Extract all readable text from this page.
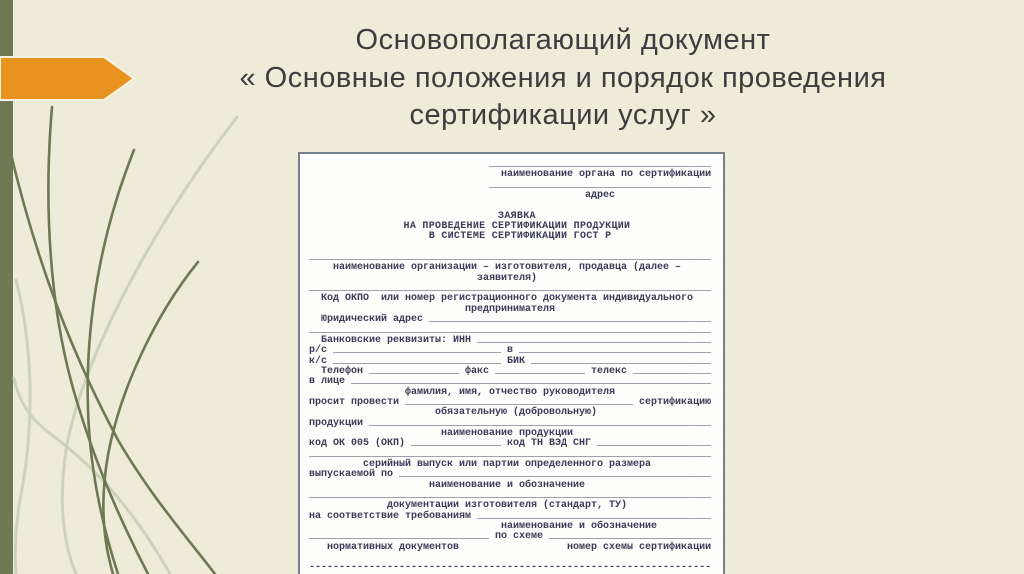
Основополагающий документ
« Основные положения и порядок проведения
сертификации услуг »
_____________________________________
наименование органа по сертификации
_____________________________________
адрес
ЗАЯВКА
НА ПРОВЕДЕНИЕ СЕРТИФИКАЦИИ ПРОДУКЦИИ
В СИСТЕМЕ СЕРТИФИКАЦИИ ГОСТ Р
___________________________________________________________________
наименование организации – изготовителя, продавца (далее –
заявителя)
___________________________________________________________________
Код ОКПО  или номер регистрационного документа индивидуального
предпринимателя
Юридический адрес _______________________________________________
___________________________________________________________________
Банковские реквизиты: ИНН _______________________________________
р/с ____________________________ в ________________________________
к/с ____________________________ БИК ______________________________
Телефон _______________ факс _______________ телекс _____________
в лице ____________________________________________________________
фамилия, имя, отчество руководителя
просит провести ______________________________________ сертификацию
обязательную (добровольную)
продукции _________________________________________________________
наименование продукции
код ОК 005 (ОКП) _______________ код ТН ВЭД СНГ ___________________
___________________________________________________________________
серийный выпуск или партии определенного размера
выпускаемой по ____________________________________________________
наименование и обозначение
___________________________________________________________________
документации изготовителя (стандарт, ТУ)
на соответствие требованиям _______________________________________
наименование и обозначение
______________________________ по схеме ___________________________
нормативных документов                  номер схемы сертификации
-------------------------------------------------------------------
